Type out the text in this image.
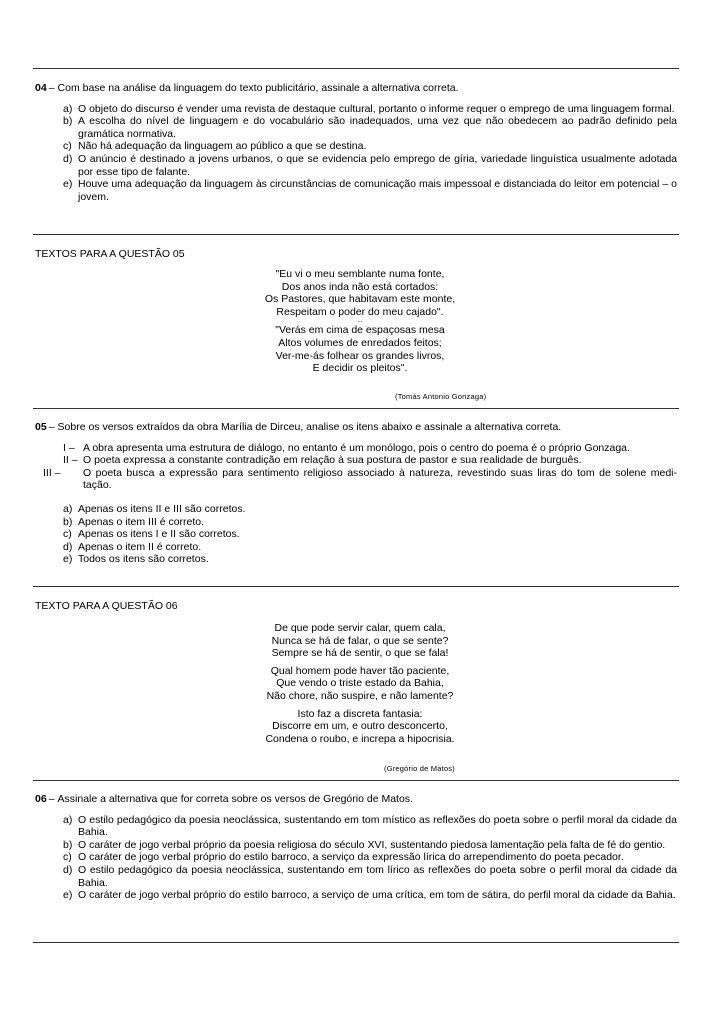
04 – Com base na análise da linguagem do texto publicitário, assinale a alternativa correta.
a) O objeto do discurso é vender uma revista de destaque cultural, portanto o informe requer o emprego de uma linguagem formal.
b) A escolha do nível de linguagem e do vocabulário são inadequados, uma vez que não obedecem ao padrão definido pela gramática normativa.
c) Não há adequação da linguagem ao público a que se destina.
d) O anúncio é destinado a jovens urbanos, o que se evidencia pelo emprego de gíria, variedade linguística usualmente adotada por esse tipo de falante.
e) Houve uma adequação da linguagem às circunstâncias de comunicação mais impessoal e distanciada do leitor em potencial – o jovem.
TEXTOS PARA A QUESTÃO 05
"Eu vi o meu semblante numa fonte,
Dos anos inda não está cortados:
Os Pastores, que habitavam este monte,
Respeitam o poder do meu cajado".
...
"Verás em cima de espaçosas mesa
Altos volumes de enredados feitos;
Ver-me-ás folhear os grandes livros,
E decidir os pleitos".
(Tomás Antonio Gonzaga)
05 – Sobre os versos extraídos da obra Marília de Dirceu, analise os itens abaixo e assinale a alternativa correta.
I – A obra apresenta uma estrutura de diálogo, no entanto é um monólogo, pois o centro do poema é o próprio Gonzaga.
II – O poeta expressa a constante contradição em relação à sua postura de pastor e sua realidade de burguês.
III – O poeta busca a expressão para sentimento religioso associado à natureza, revestindo suas liras do tom de solene medi-tação.
a) Apenas os itens II e III são corretos.
b) Apenas o item III é correto.
c) Apenas os itens I e II são corretos.
d) Apenas o item II é correto.
e) Todos os itens são corretos.
TEXTO PARA A QUESTÃO 06
De que pode servir calar, quem cala,
Nunca se há de falar, o que se sente?
Sempre se há de sentir, o que se fala!
Qual homem pode haver tão paciente,
Que vendo o triste estado da Bahia,
Não chore, não suspire, e não lamente?
Isto faz a discreta fantasia:
Discorre em um, e outro desconcerto,
Condena o roubo, e increpa a hipocrisia.
(Gregório de Matos)
06 – Assinale a alternativa que for correta sobre os versos de Gregório de Matos.
a) O estilo pedagógico da poesia neoclássica, sustentando em tom místico as reflexões do poeta sobre o perfil moral da cidade da Bahia.
b) O caráter de jogo verbal próprio da poesia religiosa do século XVI, sustentando piedosa lamentação pela falta de fé do gentio.
c) O caráter de jogo verbal próprio do estilo barroco, a serviço da expressão lírica do arrependimento do poeta pecador.
d) O estilo pedagógico da poesia neoclássica, sustentando em tom lírico as reflexões do poeta sobre o perfil moral da cidade da Bahia.
e) O caráter de jogo verbal próprio do estilo barroco, a serviço de uma crítica, em tom de sátira, do perfil moral da cidade da Bahia.
